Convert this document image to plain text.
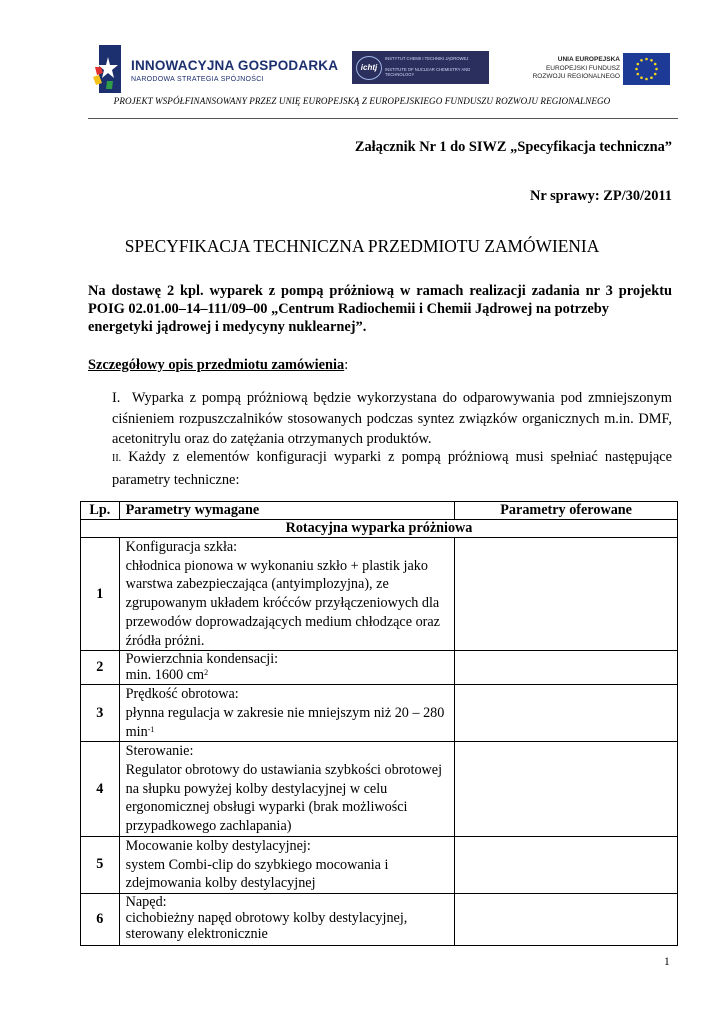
INNOWACYJNA GOSPODARKA
NARODOWA STRATEGIA SPÓJNOŚCI
ichtj
INSTYTUT CHEMII I TECHNIKI JĄDROWEJ
INSTITUTE OF NUCLEAR CHEMISTRY AND TECHNOLOGY
UNIA EUROPEJSKA
EUROPEJSKI FUNDUSZ
ROZWOJU REGIONALNEGO
PROJEKT WSPÓŁFINANSOWANY PRZEZ UNIĘ EUROPEJSKĄ Z EUROPEJSKIEGO FUNDUSZU ROZWOJU REGIONALNEGO
Załącznik Nr 1 do SIWZ „Specyfikacja techniczna”
Nr sprawy: ZP/30/2011
SPECYFIKACJA TECHNICZNA PRZEDMIOTU ZAMÓWIENIA
Na dostawę 2 kpl. wyparek z pompą próżniową w ramach realizacji zadania nr 3 projektu POIG 02.01.00–14–111/09–00 „Centrum Radiochemii i Chemii Jądrowej na potrzeby
energetyki jądrowej i medycyny nuklearnej”.
Szczegółowy opis przedmiotu zamówienia:
I. Wyparka z pompą próżniową będzie wykorzystana do odparowywania pod zmniejszonym ciśnieniem rozpuszczalników stosowanych podczas syntez związków organicznych m.in. DMF, acetonitrylu oraz do zatężania otrzymanych produktów.
II. Każdy z elementów konfiguracji wyparki z pompą próżniową musi spełniać następujące parametry techniczne:
Lp.	Parametry wymagane	Parametry oferowane
Rotacyjna wyparka próżniowa		
1	Konfiguracja szkła:
chłodnica pionowa w wykonaniu szkło + plastik jako warstwa zabezpieczająca (antyimplozyjna), ze zgrupowanym układem króćców przyłączeniowych dla przewodów doprowadzających medium chłodzące oraz źródła próżni.	

2	Powierzchnia kondensacji:
min. 1600 $cm^2$

3	Prędkość obrotowa:
płynna regulacja w zakresie nie mniejszym niż 20 – 280 $\min^{-1}$

4	Sterowanie:
Regulator obrotowy do ustawiania szybkości obrotowej na słupku powyżej kolby destylacyjnej w celu ergonomicznej obsługi wyparki (brak możliwości przypadkowego zachlapania)	

5	Mocowanie kolby destylacyjnej:
system Combi-clip do szybkiego mocowania i zdejmowania kolby destylacyjnej	

6	Napęd:
cichobieżny napęd obrotowy kolby destylacyjnej, sterowany elektronicznie	

1
